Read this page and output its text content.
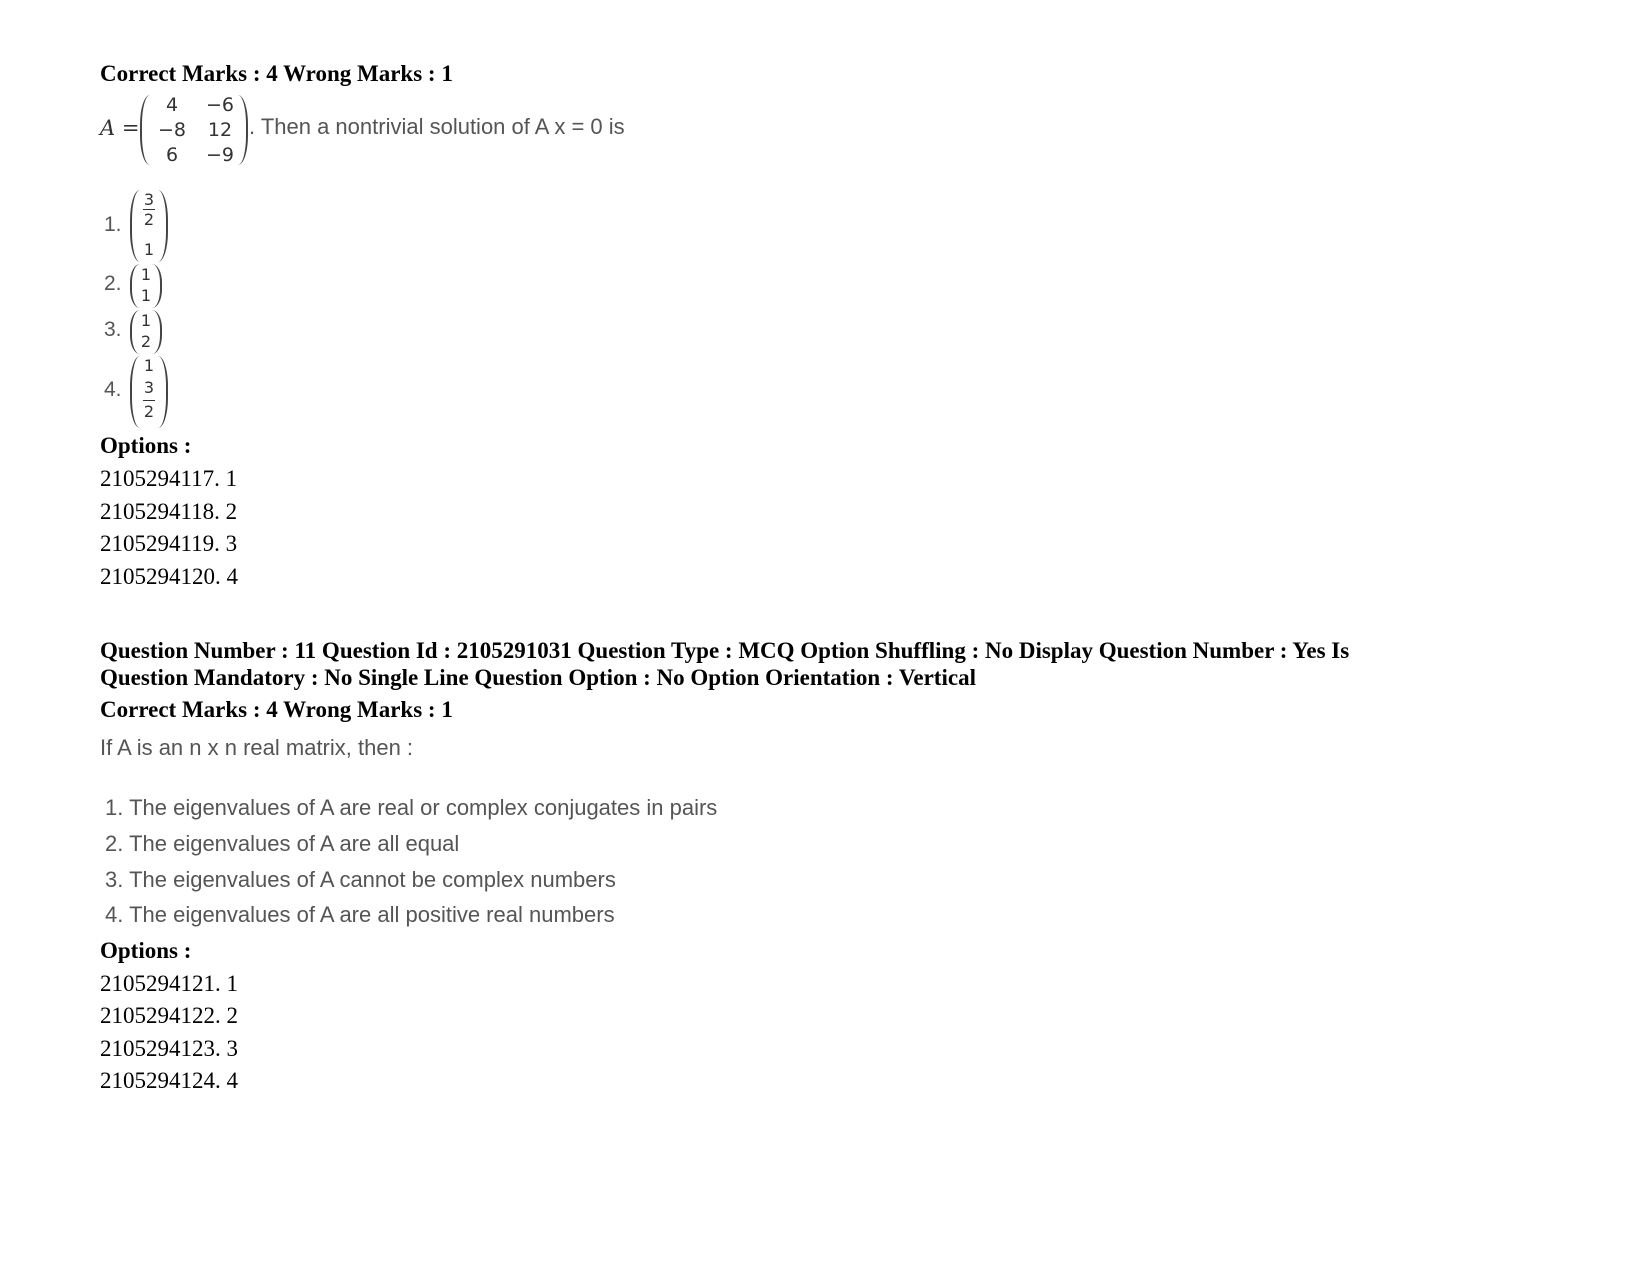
Correct Marks : 4 Wrong Marks : 1
A =
4	−6
−8	12
6	−9
. Then a nontrivial solution of A x = 0 is
1.
3
2
1
2.	1
1
3.	1
2
4.
1
3
2
Options :
2105294117. 1
2105294118. 2
2105294119. 3
2105294120. 4
Question Number : 11 Question Id : 2105291031 Question Type : MCQ Option Shuffling : No Display Question Number : Yes Is
Question Mandatory : No Single Line Question Option : No Option Orientation : Vertical
Correct Marks : 4 Wrong Marks : 1
If A is an n x n real matrix, then :
1. The eigenvalues of A are real or complex conjugates in pairs
2. The eigenvalues of A are all equal
3. The eigenvalues of A cannot be complex numbers
4. The eigenvalues of A are all positive real numbers
Options :
2105294121. 1
2105294122. 2
2105294123. 3
2105294124. 4
